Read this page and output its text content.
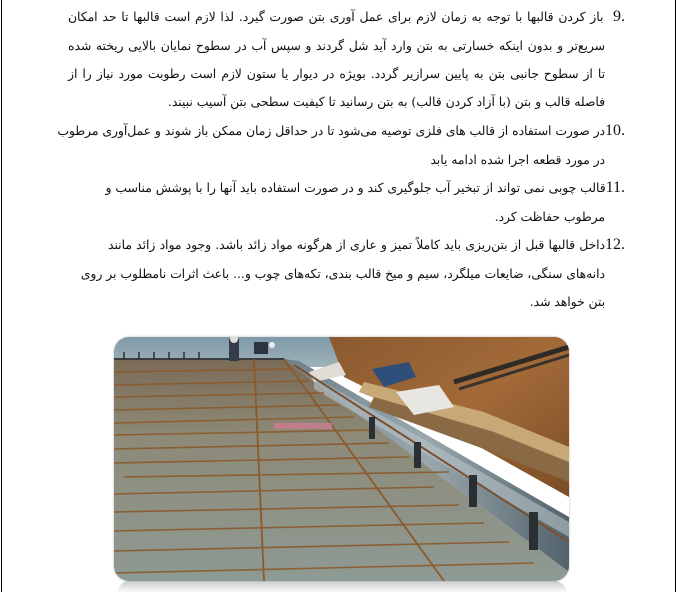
9.  باز کردن قالبها با توجه به زمان لازم برای عمل آوری بتن صورت گیرد. لذا لازم است قالبها تا حد امکان
سریع‌تر و بدون اینکه خسارتی به بتن وارد آید شل گردند و سپس آب در سطوح نمایان بالایی ریخته شده
تا از سطوح جانبی بتن به پایین سرازیر گردد. بویژه در دیوار یا ستون لازم است رطوبت مورد نیاز را از
فاصله قالب و بتن (با آزاد کردن قالب) به بتن رسانید تا کیفیت سطحی بتن آسیب نبیند.
10.در صورت استفاده از قالب های فلزی توصیه می‌شود تا در حداقل زمان ممکن باز شوند و عمل‌آوری مرطوب
در مورد قطعه اجرا شده ادامه یابد
11.قالب چوبی نمی تواند از تبخیر آب جلوگیری کند و در صورت استفاده باید آنها را با پوشش مناسب و
مرطوب حفاظت کرد.
12.داخل قالبها قبل از بتن‌ریزی باید کاملاً تمیز و عاری از هرگونه مواد زائد باشد. وجود مواد زائد مانند
دانه‌های سنگی، ضایعات میلگرد، سیم و میخ قالب بندی، تکه‌های چوب و... باعث اثرات نامطلوب بر روی
بتن خواهد شد.
